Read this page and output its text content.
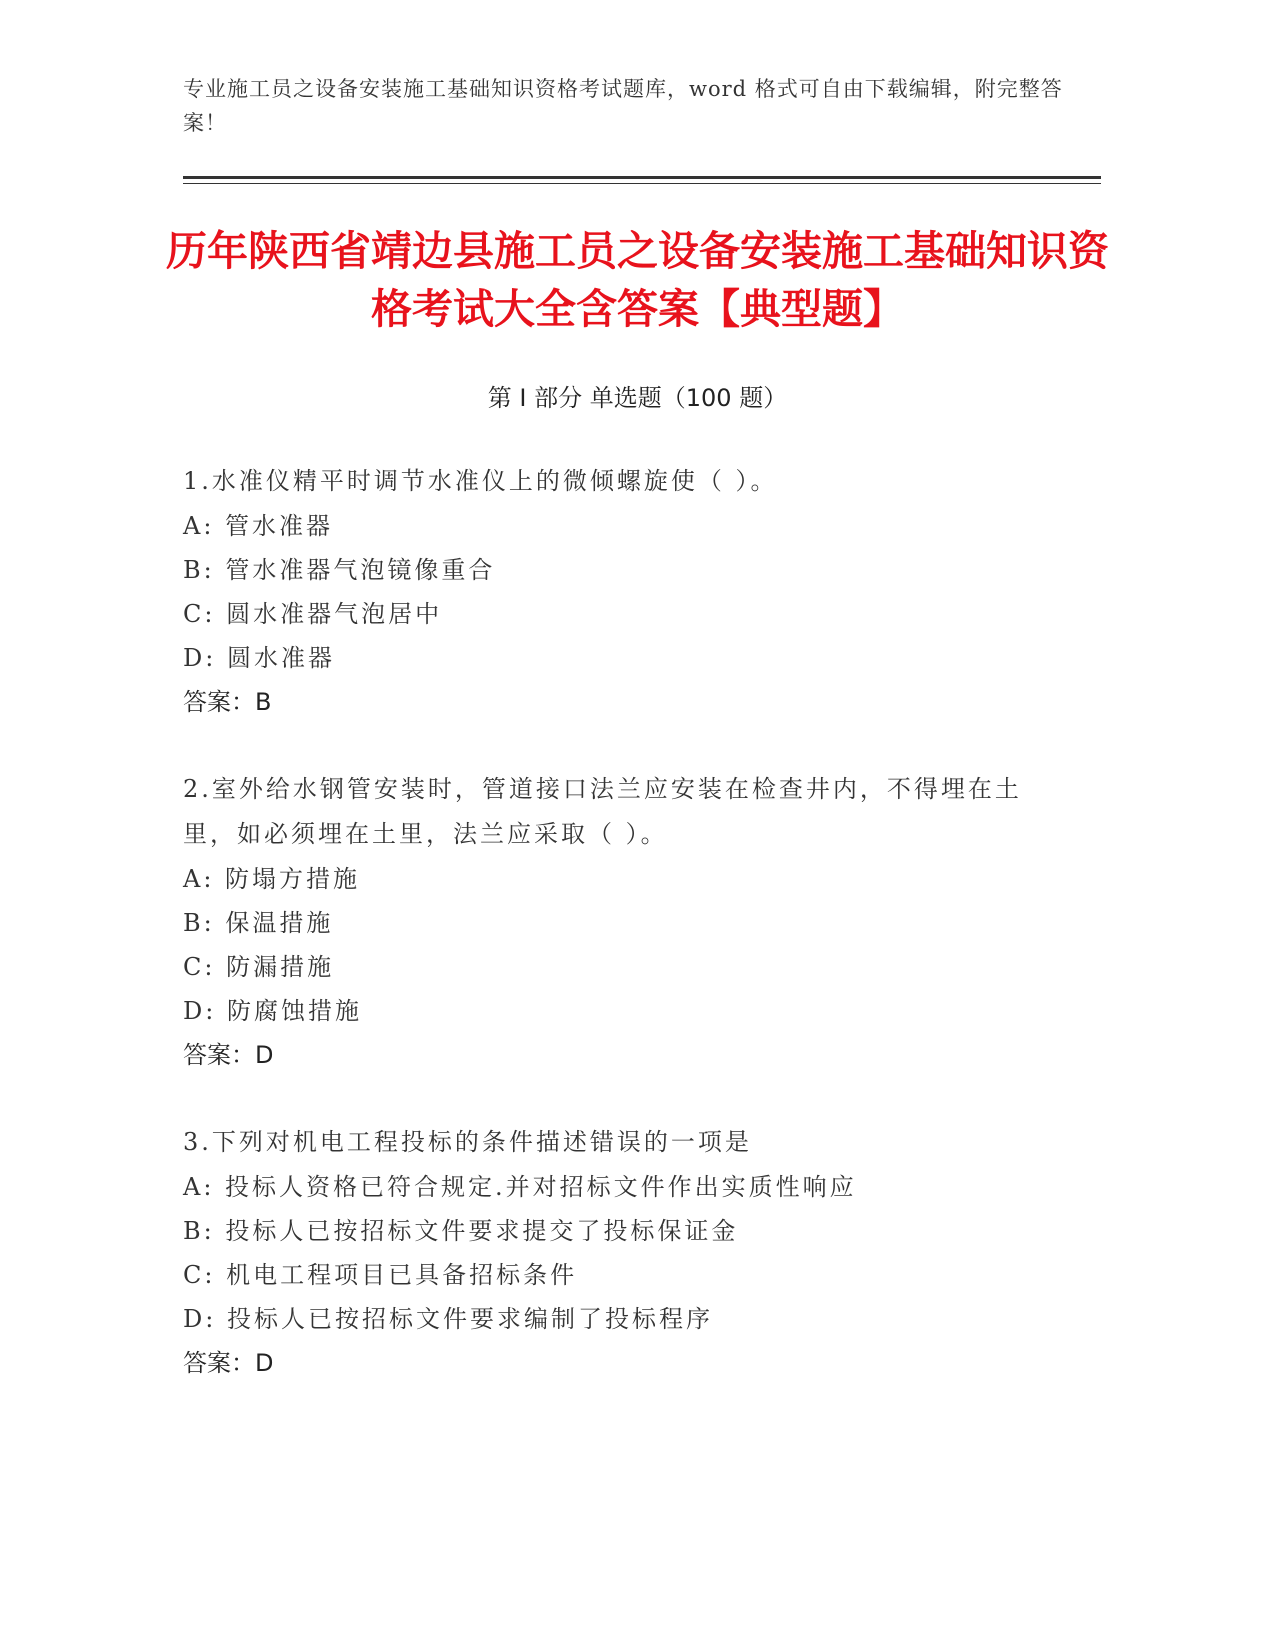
专业施工员之设备安装施工基础知识资格考试题库，word 格式可自由下载编辑，附完整答案！
历年陕西省靖边县施工员之设备安装施工基础知识资格考试大全含答案【典型题】
第 I 部分 单选题（100 题）
1.水准仪精平时调节水准仪上的微倾螺旋使（ ）。
A: 管水准器
B: 管水准器气泡镜像重合
C: 圆水准器气泡居中
D: 圆水准器
答案：B
2.室外给水钢管安装时，管道接口法兰应安装在检查井内，不得埋在土里，如必须埋在土里，法兰应采取（ ）。
A: 防塌方措施
B: 保温措施
C: 防漏措施
D: 防腐蚀措施
答案：D
3.下列对机电工程投标的条件描述错误的一项是
A: 投标人资格已符合规定.并对招标文件作出实质性响应
B: 投标人已按招标文件要求提交了投标保证金
C: 机电工程项目已具备招标条件
D: 投标人已按招标文件要求编制了投标程序
答案：D
